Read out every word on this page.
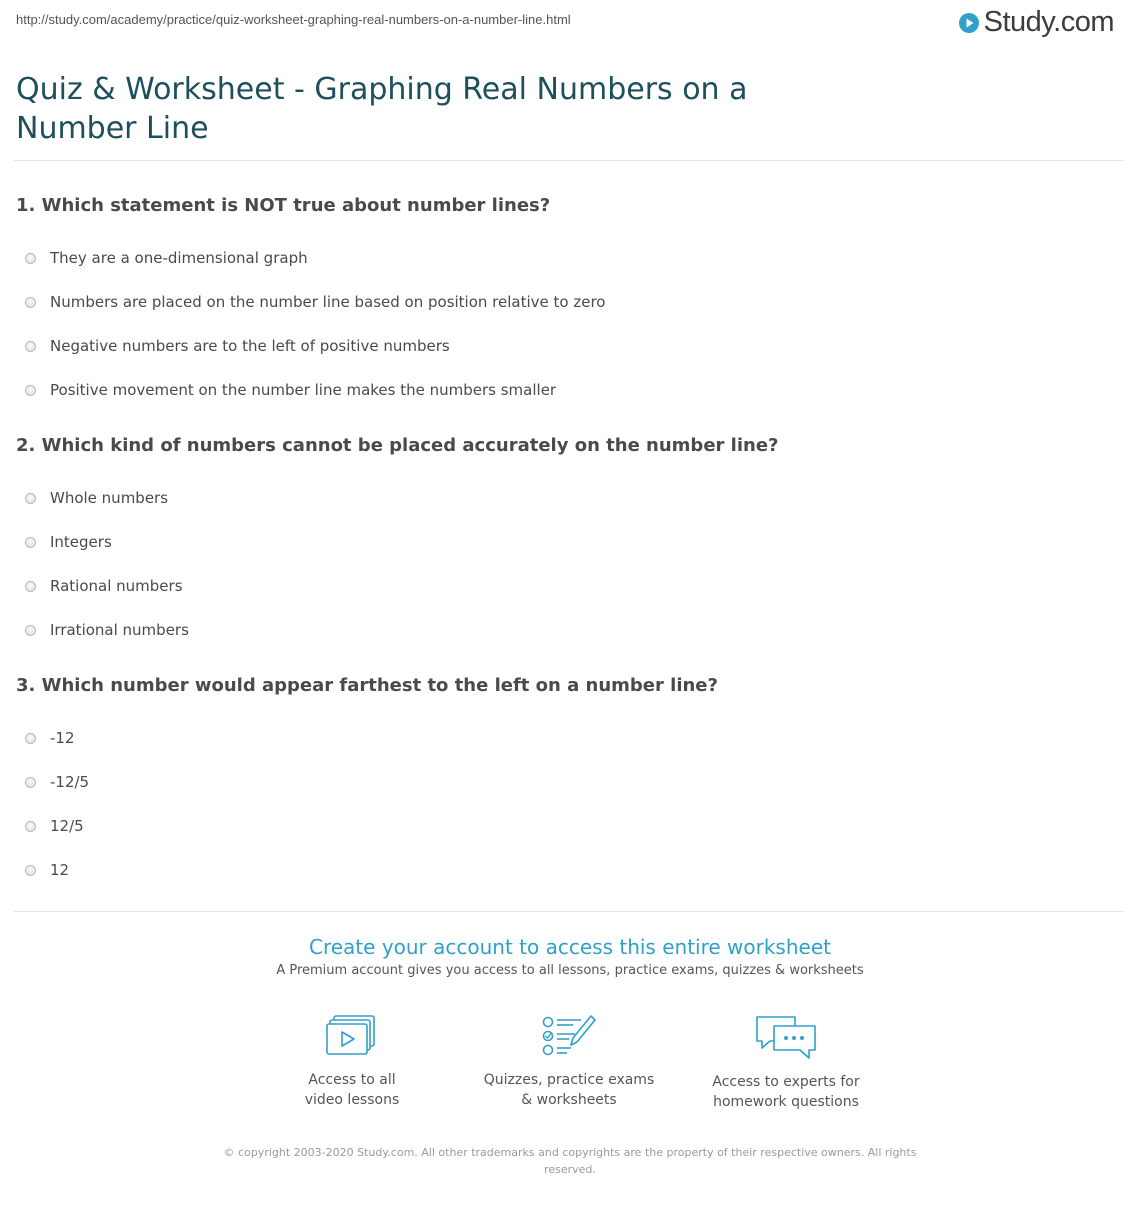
http://study.com/academy/practice/quiz-worksheet-graphing-real-numbers-on-a-number-line.html	Study.com
Quiz & Worksheet - Graphing Real Numbers on a Number Line
1. Which statement is NOT true about number lines?
They are a one-dimensional graph
Numbers are placed on the number line based on position relative to zero
Negative numbers are to the left of positive numbers
Positive movement on the number line makes the numbers smaller
2. Which kind of numbers cannot be placed accurately on the number line?
Whole numbers
Integers
Rational numbers
Irrational numbers
3. Which number would appear farthest to the left on a number line?
-12
-12/5
12/5
12
Create your account to access this entire worksheet
A Premium account gives you access to all lessons, practice exams, quizzes & worksheets
Access to all
video lessons
Quizzes, practice exams
& worksheets
Access to experts for
homework questions
© copyright 2003-2020 Study.com. All other trademarks and copyrights are the property of their respective owners. All rights reserved.
